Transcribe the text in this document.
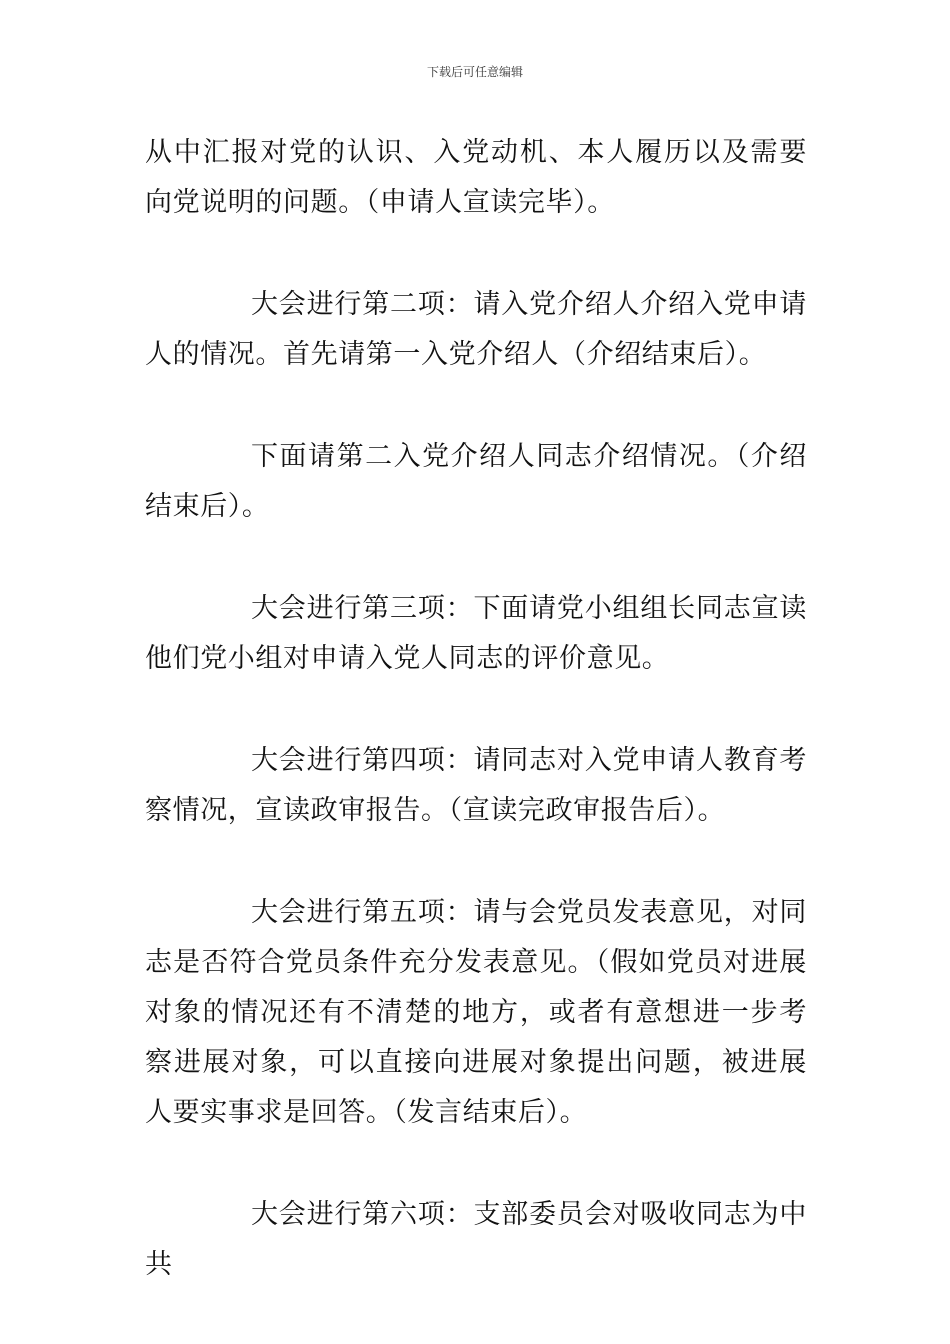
下载后可任意编辑

从中汇报对党的认识、入党动机、本人履历以及需要向党说明的问题。（申请人宣读完毕）。

大会进行第二项：请入党介绍人介绍入党申请人的情况。首先请第一入党介绍人（介绍结束后）。

下面请第二入党介绍人同志介绍情况。（介绍结束后）。

大会进行第三项：下面请党小组组长同志宣读他们党小组对申请入党人同志的评价意见。

大会进行第四项：请同志对入党申请人教育考察情况，宣读政审报告。（宣读完政审报告后）。

大会进行第五项：请与会党员发表意见，对同志是否符合党员条件充分发表意见。（假如党员对进展对象的情况还有不清楚的地方，或者有意想进一步考察进展对象，可以直接向进展对象提出问题，被进展人要实事求是回答。（发言结束后）。

大会进行第六项：支部委员会对吸收同志为中共
